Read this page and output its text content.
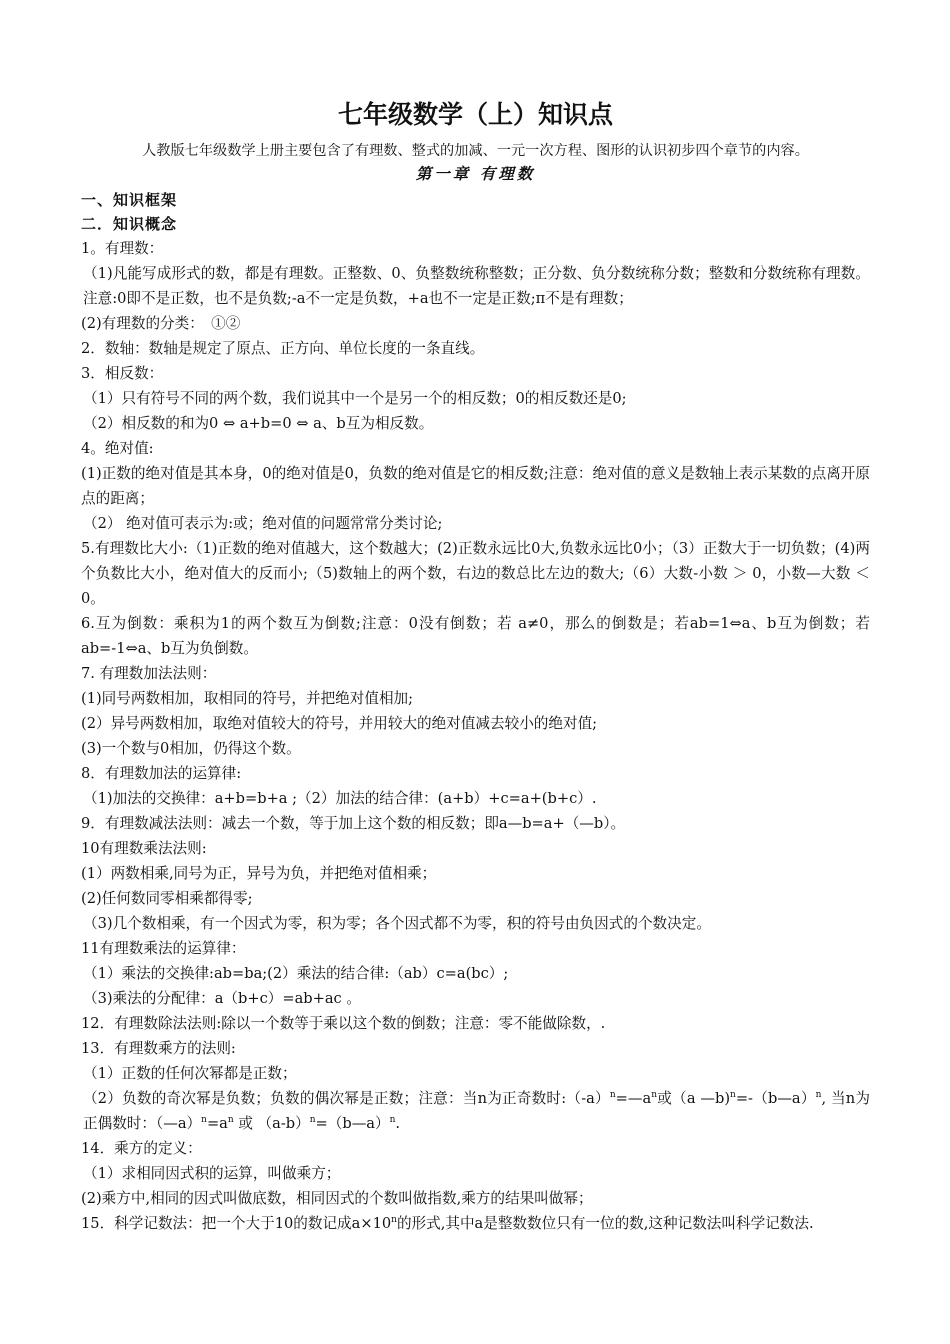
七年级数学（上）知识点

人教版七年级数学上册主要包含了有理数、整式的加减、一元一次方程、图形的认识初步四个章节的内容。

第一章 有理数
一、知识框架
二．知识概念

1。有理数：

（1)凡能写成形式的数，都是有理数。正整数、0、负整数统称整数；正分数、负分数统称分数；整数和分数统称有理数。注意:0即不是正数，也不是负数;-a不一定是负数，+a也不一定是正数;π不是有理数；

(2)有理数的分类：　①②

2．数轴：数轴是规定了原点、正方向、单位长度的一条直线。

3．相反数：

（1）只有符号不同的两个数，我们说其中一个是另一个的相反数；0的相反数还是0;

（2）相反数的和为0 ⇔ a+b=0 ⇔ a、b互为相反数。

4。绝对值:

(1)正数的绝对值是其本身，0的绝对值是0，负数的绝对值是它的相反数;注意：绝对值的意义是数轴上表示某数的点离开原点的距离；

（2） 绝对值可表示为:或；绝对值的问题常常分类讨论;

5.有理数比大小:（1)正数的绝对值越大，这个数越大；(2)正数永远比0大,负数永远比0小；（3）正数大于一切负数；(4)两个负数比大小，绝对值大的反而小;（5)数轴上的两个数，右边的数总比左边的数大;（6）大数-小数 ＞ 0，小数—大数 ＜ 0。

6.互为倒数：乘积为1的两个数互为倒数;注意：0没有倒数；若 a≠0，那么的倒数是；若ab=1⇔a、b互为倒数；若ab=-1⇔a、b互为负倒数。

7. 有理数加法法则：

(1)同号两数相加，取相同的符号，并把绝对值相加;

(2）异号两数相加，取绝对值较大的符号，并用较大的绝对值减去较小的绝对值;

(3)一个数与0相加，仍得这个数。

8．有理数加法的运算律:

（1)加法的交换律：a+b=b+a ;（2）加法的结合律：(a+b）+c=a+(b+c）.

9．有理数减法法则：减去一个数，等于加上这个数的相反数；即a—b=a+（—b）。

10有理数乘法法则:

(1）两数相乘,同号为正，异号为负，并把绝对值相乘；

(2)任何数同零相乘都得零;

（3)几个数相乘，有一个因式为零，积为零；各个因式都不为零，积的符号由负因式的个数决定。

11有理数乘法的运算律：

（1）乘法的交换律:ab=ba;(2）乘法的结合律:（ab）c=a(bc）;

（3)乘法的分配律：a（b+c）=ab+ac 。

12．有理数除法法则:除以一个数等于乘以这个数的倒数；注意：零不能做除数，.

13．有理数乘方的法则:

（1）正数的任何次幂都是正数；

（2）负数的奇次幂是负数；负数的偶次幂是正数；注意：当n为正奇数时$:(-a)^n=—a^n$或（a —b)$^n$=-（b—a）$^n$, 当n为正偶数时：$(—a)^n=a^n$ 或 $(a-b)^n=(b—a)^n$.

14．乘方的定义：

（1）求相同因式积的运算，叫做乘方；

(2)乘方中,相同的因式叫做底数，相同因式的个数叫做指数,乘方的结果叫做幂；

15．科学记数法：把一个大于10的数记成$a\times 10^n$的形式,其中a是整数数位只有一位的数,这种记数法叫科学记数法.
